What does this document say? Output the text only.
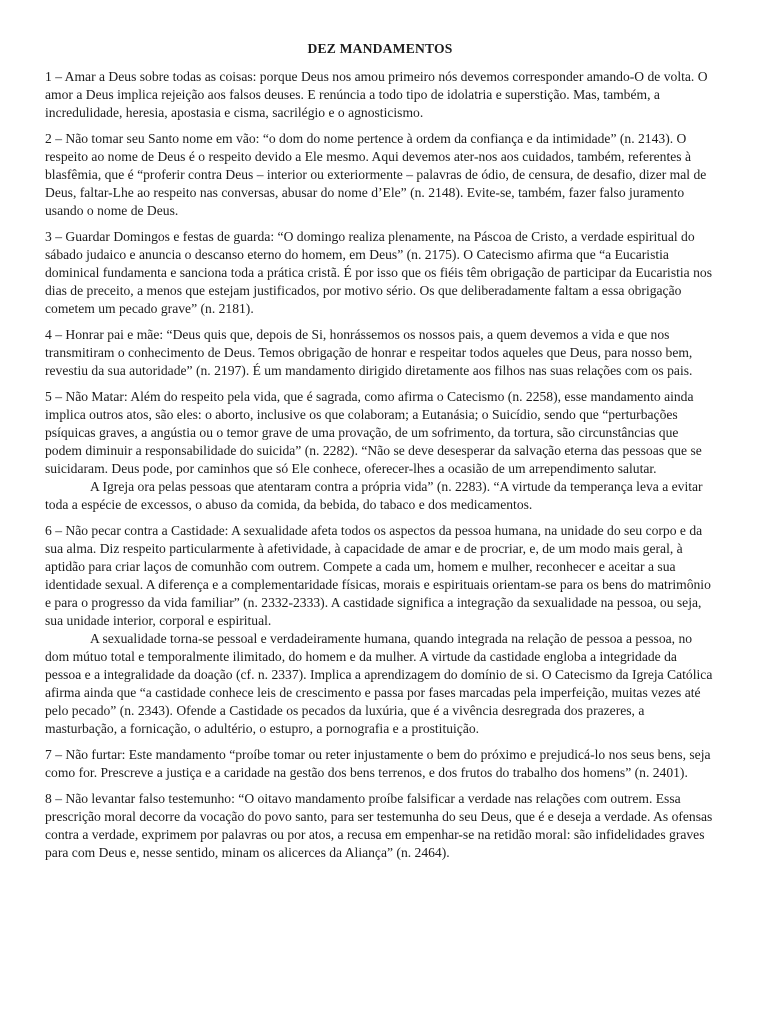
DEZ MANDAMENTOS

1 – Amar a Deus sobre todas as coisas: porque Deus nos amou primeiro nós devemos corresponder amando-O de volta. O amor a Deus implica rejeição aos falsos deuses. E renúncia a todo tipo de idolatria e superstição. Mas, também, a incredulidade, heresia, apostasia e cisma, sacrilégio e o agnosticismo.

2 – Não tomar seu Santo nome em vão: “o dom do nome pertence à ordem da confiança e da intimidade” (n. 2143). O respeito ao nome de Deus é o respeito devido a Ele mesmo. Aqui devemos ater-nos aos cuidados, também, referentes à blasfêmia, que é “proferir contra Deus – interior ou exteriormente – palavras de ódio, de censura, de desafio, dizer mal de Deus, faltar-Lhe ao respeito nas conversas, abusar do nome d’Ele” (n. 2148). Evite-se, também, fazer falso juramento usando o nome de Deus.

3 – Guardar Domingos e festas de guarda: “O domingo realiza plenamente, na Páscoa de Cristo, a verdade espiritual do sábado judaico e anuncia o descanso eterno do homem, em Deus” (n. 2175). O Catecismo afirma que “a Eucaristia dominical fundamenta e sanciona toda a prática cristã. É por isso que os fiéis têm obrigação de participar da Eucaristia nos dias de preceito, a menos que estejam justificados, por motivo sério. Os que deliberadamente faltam a essa obrigação cometem um pecado grave” (n. 2181).

4 – Honrar pai e mãe: “Deus quis que, depois de Si, honrássemos os nossos pais, a quem devemos a vida e que nos transmitiram o conhecimento de Deus. Temos obrigação de honrar e respeitar todos aqueles que Deus, para nosso bem, revestiu da sua autoridade” (n. 2197). É um mandamento dirigido diretamente aos filhos nas suas relações com os pais.

5 – Não Matar: Além do respeito pela vida, que é sagrada, como afirma o Catecismo (n. 2258), esse mandamento ainda implica outros atos, são eles: o aborto, inclusive os que colaboram; a Eutanásia; o Suicídio, sendo que “perturbações psíquicas graves, a angústia ou o temor grave de uma provação, de um sofrimento, da tortura, são circunstâncias que podem diminuir a responsabilidade do suicida” (n. 2282). “Não se deve desesperar da salvação eterna das pessoas que se suicidaram. Deus pode, por caminhos que só Ele conhece, oferecer-lhes a ocasião de um arrependimento salutar.

A Igreja ora pelas pessoas que atentaram contra a própria vida” (n. 2283). “A virtude da temperança leva a evitar toda a espécie de excessos, o abuso da comida, da bebida, do tabaco e dos medicamentos.

6 – Não pecar contra a Castidade: A sexualidade afeta todos os aspectos da pessoa humana, na unidade do seu corpo e da sua alma. Diz respeito particularmente à afetividade, à capacidade de amar e de procriar, e, de um modo mais geral, à aptidão para criar laços de comunhão com outrem. Compete a cada um, homem e mulher, reconhecer e aceitar a sua identidade sexual. A diferença e a complementaridade físicas, morais e espirituais orientam-se para os bens do matrimônio e para o progresso da vida familiar” (n. 2332-2333). A castidade significa a integração da sexualidade na pessoa, ou seja, sua unidade interior, corporal e espiritual.

A sexualidade torna-se pessoal e verdadeiramente humana, quando integrada na relação de pessoa a pessoa, no dom mútuo total e temporalmente ilimitado, do homem e da mulher. A virtude da castidade engloba a integridade da pessoa e a integralidade da doação (cf. n. 2337). Implica a aprendizagem do domínio de si. O Catecismo da Igreja Católica afirma ainda que “a castidade conhece leis de crescimento e passa por fases marcadas pela imperfeição, muitas vezes até pelo pecado” (n. 2343). Ofende a Castidade os pecados da luxúria, que é a vivência desregrada dos prazeres, a masturbação, a fornicação, o adultério, o estupro, a pornografia e a prostituição.

7 – Não furtar: Este mandamento “proíbe tomar ou reter injustamente o bem do próximo e prejudicá-lo nos seus bens, seja como for. Prescreve a justiça e a caridade na gestão dos bens terrenos, e dos frutos do trabalho dos homens” (n. 2401).

8 – Não levantar falso testemunho: “O oitavo mandamento proíbe falsificar a verdade nas relações com outrem. Essa prescrição moral decorre da vocação do povo santo, para ser testemunha do seu Deus, que é e deseja a verdade. As ofensas contra a verdade, exprimem por palavras ou por atos, a recusa em empenhar-se na retidão moral: são infidelidades graves para com Deus e, nesse sentido, minam os alicerces da Aliança” (n. 2464).
